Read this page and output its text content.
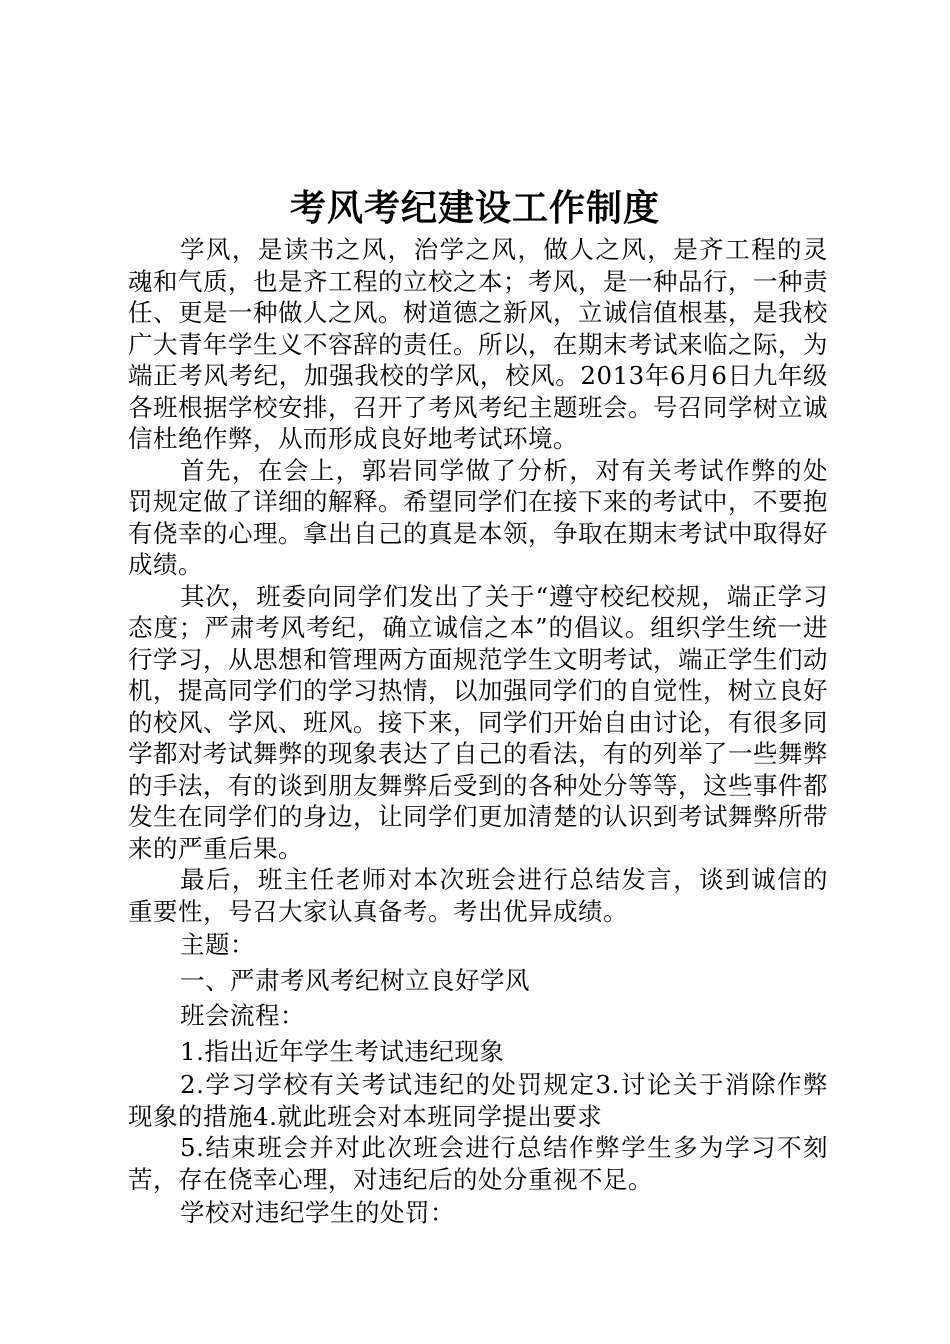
考风考纪建设工作制度

学风，是读书之风，治学之风，做人之风，是齐工程的灵魂和气质，也是齐工程的立校之本；考风，是一种品行，一种责任、更是一种做人之风。树道德之新风，立诚信值根基，是我校广大青年学生义不容辞的责任。所以，在期末考试来临之际，为端正考风考纪，加强我校的学风，校风。2013年6月6日九年级各班根据学校安排，召开了考风考纪主题班会。号召同学树立诚信杜绝作弊，从而形成良好地考试环境。

首先，在会上，郭岩同学做了分析，对有关考试作弊的处罚规定做了详细的解释。希望同学们在接下来的考试中，不要抱有侥幸的心理。拿出自己的真是本领，争取在期末考试中取得好成绩。

其次，班委向同学们发出了关于“遵守校纪校规，端正学习态度；严肃考风考纪，确立诚信之本”的倡议。组织学生统一进行学习，从思想和管理两方面规范学生文明考试，端正学生们动机，提高同学们的学习热情，以加强同学们的自觉性，树立良好的校风、学风、班风。接下来，同学们开始自由讨论，有很多同学都对考试舞弊的现象表达了自己的看法，有的列举了一些舞弊的手法，有的谈到朋友舞弊后受到的各种处分等等，这些事件都发生在同学们的身边，让同学们更加清楚的认识到考试舞弊所带来的严重后果。

最后，班主任老师对本次班会进行总结发言，谈到诚信的重要性，号召大家认真备考。考出优异成绩。

主题：

一、严肃考风考纪树立良好学风

班会流程：

1.指出近年学生考试违纪现象

2.学习学校有关考试违纪的处罚规定3.讨论关于消除作弊现象的措施4.就此班会对本班同学提出要求

5.结束班会并对此次班会进行总结作弊学生多为学习不刻苦，存在侥幸心理，对违纪后的处分重视不足。

学校对违纪学生的处罚：
